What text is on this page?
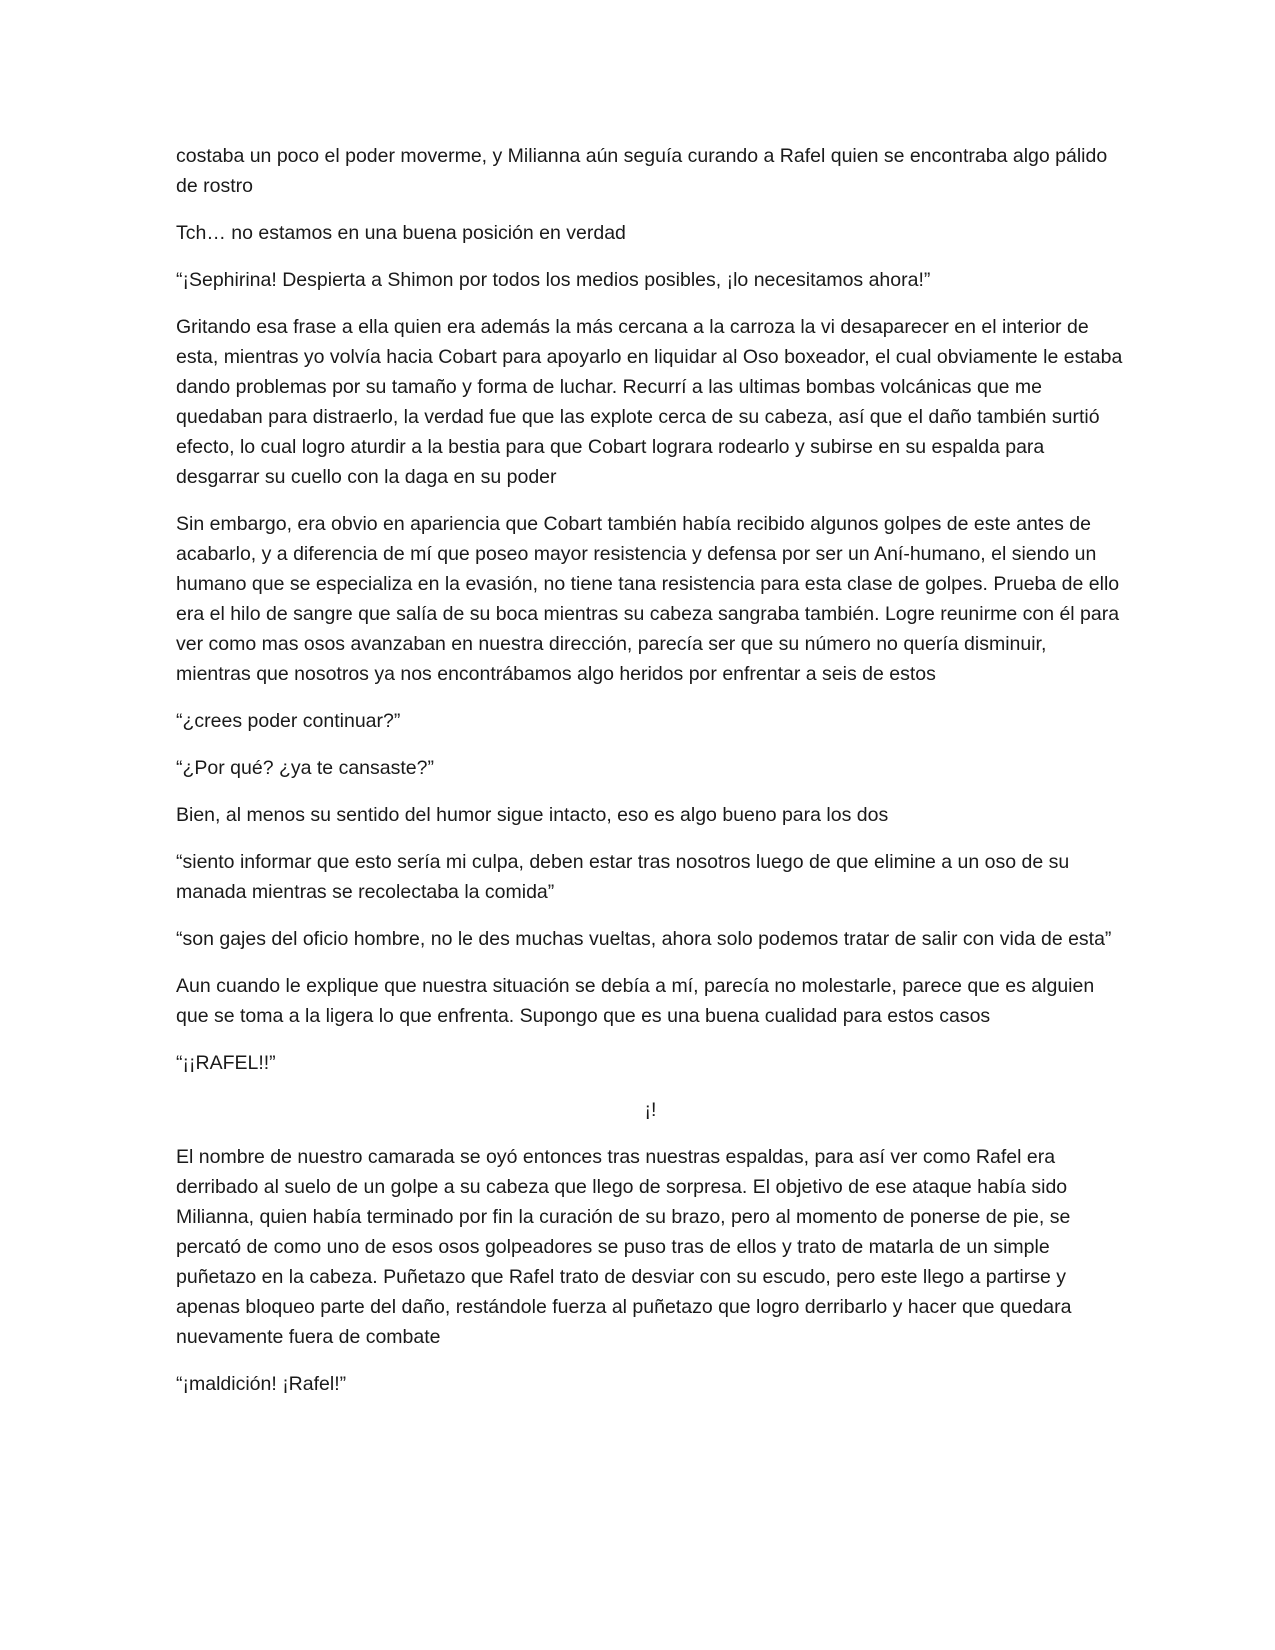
costaba un poco el poder moverme, y Milianna aún seguía curando a Rafel quien se encontraba algo pálido de rostro

Tch… no estamos en una buena posición en verdad

“¡Sephirina! Despierta a Shimon por todos los medios posibles, ¡lo necesitamos ahora!”

Gritando esa frase a ella quien era además la más cercana a la carroza la vi desaparecer en el interior de esta, mientras yo volvía hacia Cobart para apoyarlo en liquidar al Oso boxeador, el cual obviamente le estaba dando problemas por su tamaño y forma de luchar. Recurrí a las ultimas bombas volcánicas que me quedaban para distraerlo, la verdad fue que las explote cerca de su cabeza, así que el daño también surtió efecto, lo cual logro aturdir a la bestia para que Cobart lograra rodearlo y subirse en su espalda para desgarrar su cuello con la daga en su poder

Sin embargo, era obvio en apariencia que Cobart también había recibido algunos golpes de este antes de acabarlo, y a diferencia de mí que poseo mayor resistencia y defensa por ser un Aní-humano, el siendo un humano que se especializa en la evasión, no tiene tana resistencia para esta clase de golpes. Prueba de ello era el hilo de sangre que salía de su boca mientras su cabeza sangraba también. Logre reunirme con él para ver como mas osos avanzaban en nuestra dirección, parecía ser que su número no quería disminuir, mientras que nosotros ya nos encontrábamos algo heridos por enfrentar a seis de estos

“¿crees poder continuar?”

“¿Por qué? ¿ya te cansaste?”

Bien, al menos su sentido del humor sigue intacto, eso es algo bueno para los dos

“siento informar que esto sería mi culpa, deben estar tras nosotros luego de que elimine a un oso de su manada mientras se recolectaba la comida”

“son gajes del oficio hombre, no le des muchas vueltas, ahora solo podemos tratar de salir con vida de esta”

Aun cuando le explique que nuestra situación se debía a mí, parecía no molestarle, parece que es alguien que se toma a la ligera lo que enfrenta. Supongo que es una buena cualidad para estos casos

“¡¡RAFEL!!”

¡!

El nombre de nuestro camarada se oyó entonces tras nuestras espaldas, para así ver como Rafel era derribado al suelo de un golpe a su cabeza que llego de sorpresa. El objetivo de ese ataque había sido Milianna, quien había terminado por fin la curación de su brazo, pero al momento de ponerse de pie, se percató de como uno de esos osos golpeadores se puso tras de ellos y trato de matarla de un simple puñetazo en la cabeza. Puñetazo que Rafel trato de desviar con su escudo, pero este llego a partirse y apenas bloqueo parte del daño, restándole fuerza al puñetazo que logro derribarlo y hacer que quedara nuevamente fuera de combate

“¡maldición! ¡Rafel!”
